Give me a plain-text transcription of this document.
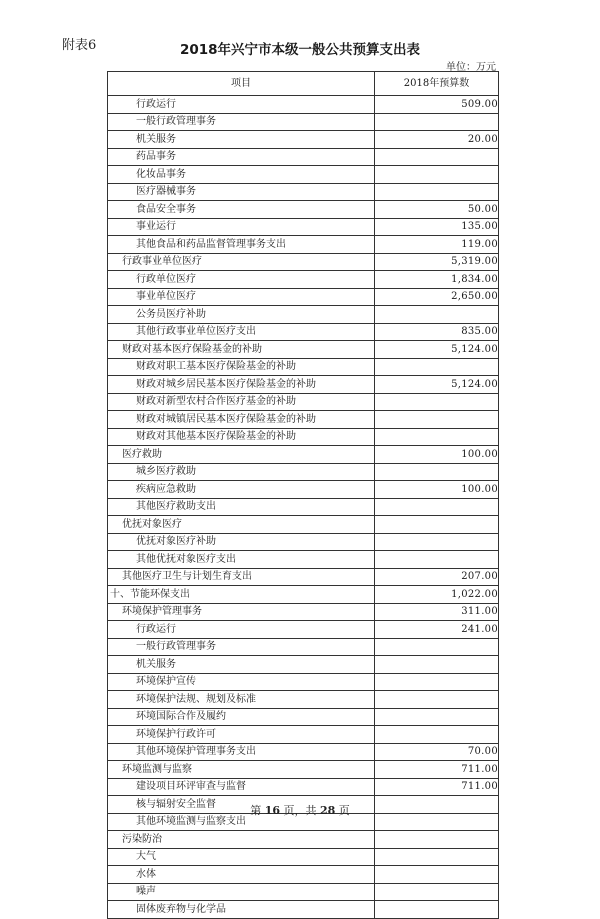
附表6	2018年兴宁市本级一般公共预算支出表
单位：万元
项目	2018年预算数
行政运行	509.00
一般行政管理事务	
机关服务	20.00
药品事务	
化妆品事务	
医疗器械事务	
食品安全事务	50.00
事业运行	135.00
其他食品和药品监督管理事务支出	119.00
行政事业单位医疗	5,319.00
行政单位医疗	1,834.00
事业单位医疗	2,650.00
公务员医疗补助	
其他行政事业单位医疗支出	835.00
财政对基本医疗保险基金的补助	5,124.00
财政对职工基本医疗保险基金的补助	
财政对城乡居民基本医疗保险基金的补助	5,124.00
财政对新型农村合作医疗基金的补助	
财政对城镇居民基本医疗保险基金的补助	
财政对其他基本医疗保险基金的补助	
医疗救助	100.00
城乡医疗救助	
疾病应急救助	100.00
其他医疗救助支出	
优抚对象医疗	
优抚对象医疗补助	
其他优抚对象医疗支出	
其他医疗卫生与计划生育支出	207.00
十、节能环保支出	1,022.00
环境保护管理事务	311.00
行政运行	241.00
一般行政管理事务	
机关服务	
环境保护宣传	
环境保护法规、规划及标准	
环境国际合作及履约	
环境保护行政许可	
其他环境保护管理事务支出	70.00
环境监测与监察	711.00
建设项目环评审查与监督	711.00
核与辐射安全监督	
其他环境监测与监察支出	
污染防治	
大气	
水体	
噪声	
固体废弃物与化学品	
第 16 页，共 28 页
